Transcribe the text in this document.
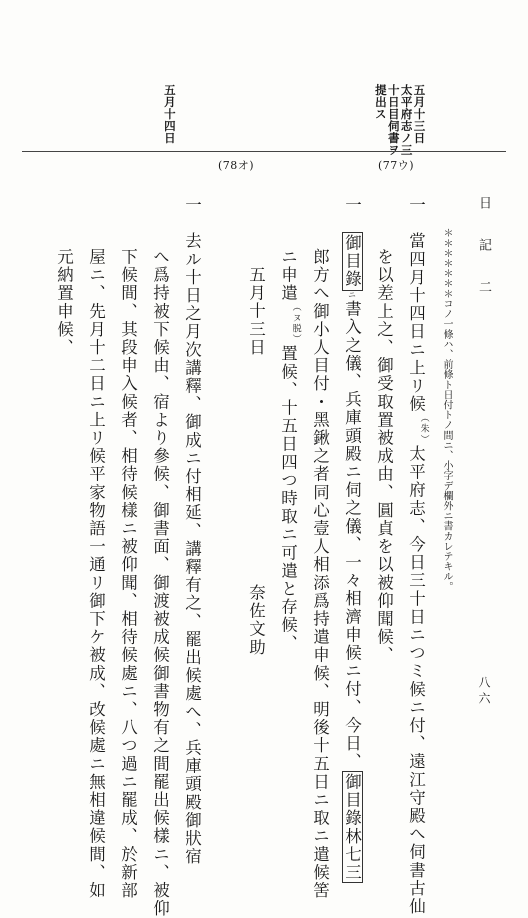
五月十三日
太平府志ノ三
十日目伺書ヲ
提出ス
五月十四日
(78オ)	(77ウ)
日　記　二
八六
＊＊＊＊＊＊＊コノ一條ハ、前條ト日付トノ間ニ、小字デ欄外ニ書カレテキル。
一　當四月十四日ニ上リ候$^{(朱)}$太平府志、今日三十日ニつミ候ニ付、遠江守殿へ伺書古仙
を以差上之、御受取置被成由、圓貞を以被仰聞候、
一　御目錄ニ書入之儀、兵庫頭殿ニ伺之儀、一々相濟申候ニ付、今日、御目錄林七三
郎方へ御小人目付・黑鍬之者同心壹人相添爲持遣申候、明後十五日ニ取ニ遣候筈
ニ申遣$^{(ヌ脱)}$置候、十五日四つ時取ニ可遣と存候、
五月十三日
奈佐文助
一　去ル十日之月次講釋、御成ニ付相延、講釋有之、罷出候處へ、兵庫頭殿御狀宿
へ爲持被下候由、宿より參候、御書面、御渡被成候御書物有之間罷出候樣ニ、被仰
下候間、其段申入候者、相待候樣ニ被仰聞、相待候處ニ、八つ過ニ罷成、於新部
屋ニ、先月十二日ニ上リ候平家物語一通リ御下ケ被成、改候處ニ無相違候間、如
元納置申候、
